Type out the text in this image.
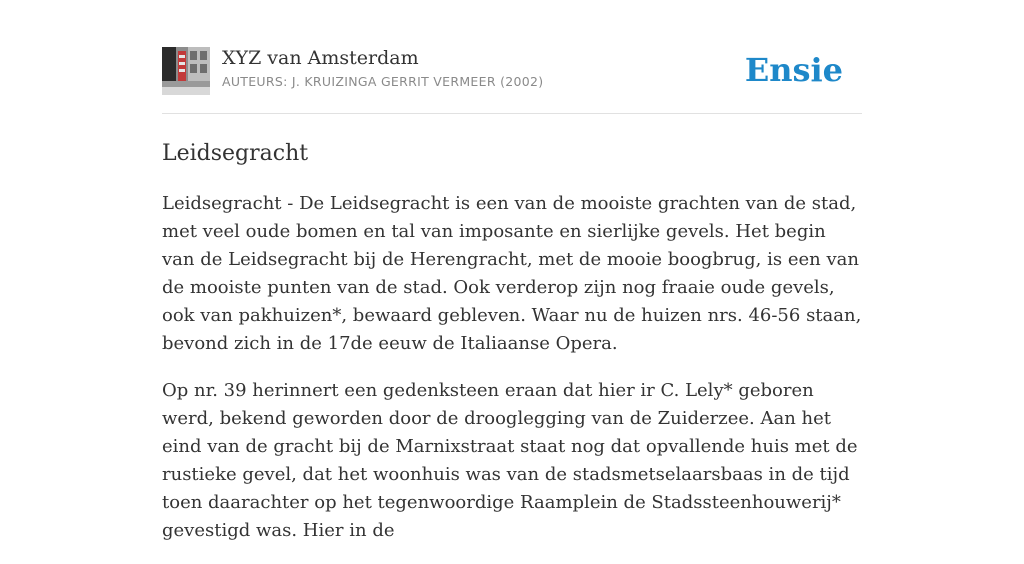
XYZ van Amsterdam
AUTEURS: J. KRUIZINGA GERRIT VERMEER (2002)	Ensie
Leidsegracht

Leidsegracht - De Leidsegracht is een van de mooiste grachten van de stad, met veel oude bomen en tal van imposante en sierlijke gevels. Het begin van de Leidsegracht bij de Herengracht, met de mooie boogbrug, is een van de mooiste punten van de stad. Ook verderop zijn nog fraaie oude gevels, ook van pakhuizen*, bewaard gebleven. Waar nu de huizen nrs. 46-56 staan, bevond zich in de 17de eeuw de Italiaanse Opera.

Op nr. 39 herinnert een gedenksteen eraan dat hier ir C. Lely* geboren werd, bekend geworden door de drooglegging van de Zuiderzee. Aan het eind van de gracht bij de Marnixstraat staat nog dat opvallende huis met de rustieke gevel, dat het woonhuis was van de stadsmetselaarsbaas in de tijd toen daarachter op het tegenwoordige Raamplein de Stadssteenhouwerij* gevestigd was. Hier in de
